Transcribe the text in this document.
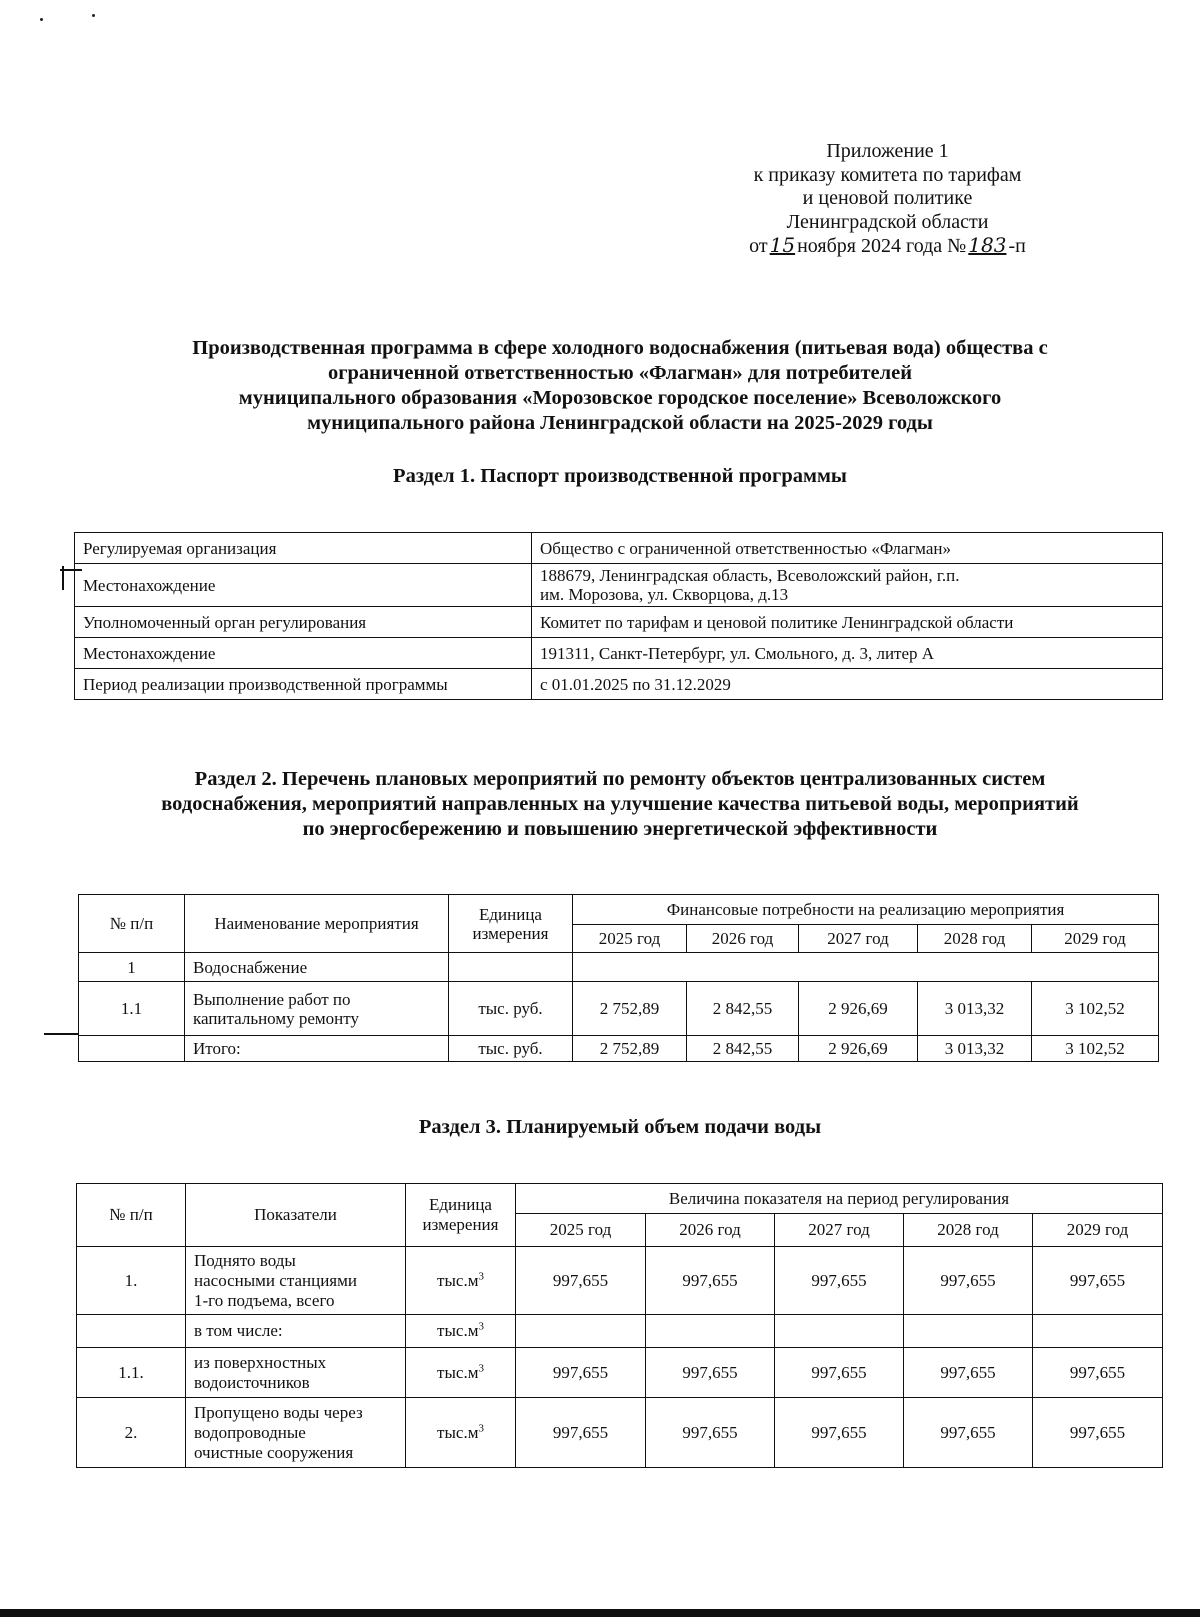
Приложение 1
к приказу комитета по тарифам
и ценовой политике
Ленинградской области
от 15 ноября 2024 года № 183 -п
Производственная программа в сфере холодного водоснабжения (питьевая вода) общества с
ограниченной ответственностью «Флагман» для потребителей
муниципального образования «Морозовское городское поселение» Всеволожского
муниципального района Ленинградской области на 2025-2029 годы
Раздел 1. Паспорт производственной программы
Регулируемая организация	Общество с ограниченной ответственностью «Флагман»
Местонахождение	188679, Ленинградская область, Всеволожский район, г.п.
им. Морозова, ул. Скворцова, д.13
Уполномоченный орган регулирования	Комитет по тарифам и ценовой политике Ленинградской области
Местонахождение	191311, Санкт-Петербург, ул. Смольного, д. 3, литер А
Период реализации производственной программы	с 01.01.2025 по 31.12.2029
Раздел 2. Перечень плановых мероприятий по ремонту объектов централизованных систем
водоснабжения, мероприятий направленных на улучшение качества питьевой воды, мероприятий
по энергосбережению и повышению энергетической эффективности
№ п/п	Наименование мероприятия	Единица
измерения	Финансовые потребности на реализацию мероприятия				
			2025 год	2026 год	2027 год	2028 год	2029 год
1	Водоснабжение						
1.1	Выполнение работ по
капитальному ремонту	тыс. руб.	2 752,89	2 842,55	2 926,69	3 013,32	3 102,52
	Итого:	тыс. руб.	2 752,89	2 842,55	2 926,69	3 013,32	3 102,52
Раздел 3. Планируемый объем подачи воды
№ п/п	Показатели	Единица
измерения	Величина показателя на период регулирования				
			2025 год	2026 год	2027 год	2028 год	2029 год
1.	Поднято воды
насосными станциями
1-го подъема, всего	$тыс.м^3$	997,655	997,655	997,655	997,655	997,655
	в том числе:	$тыс.м^3$					
1.1.	из поверхностных
водоисточников	$тыс.м^3$	997,655	997,655	997,655	997,655	997,655
2.	Пропущено воды через
водопроводные
очистные сооружения	$тыс.м^3$	997,655	997,655	997,655	997,655	997,655
